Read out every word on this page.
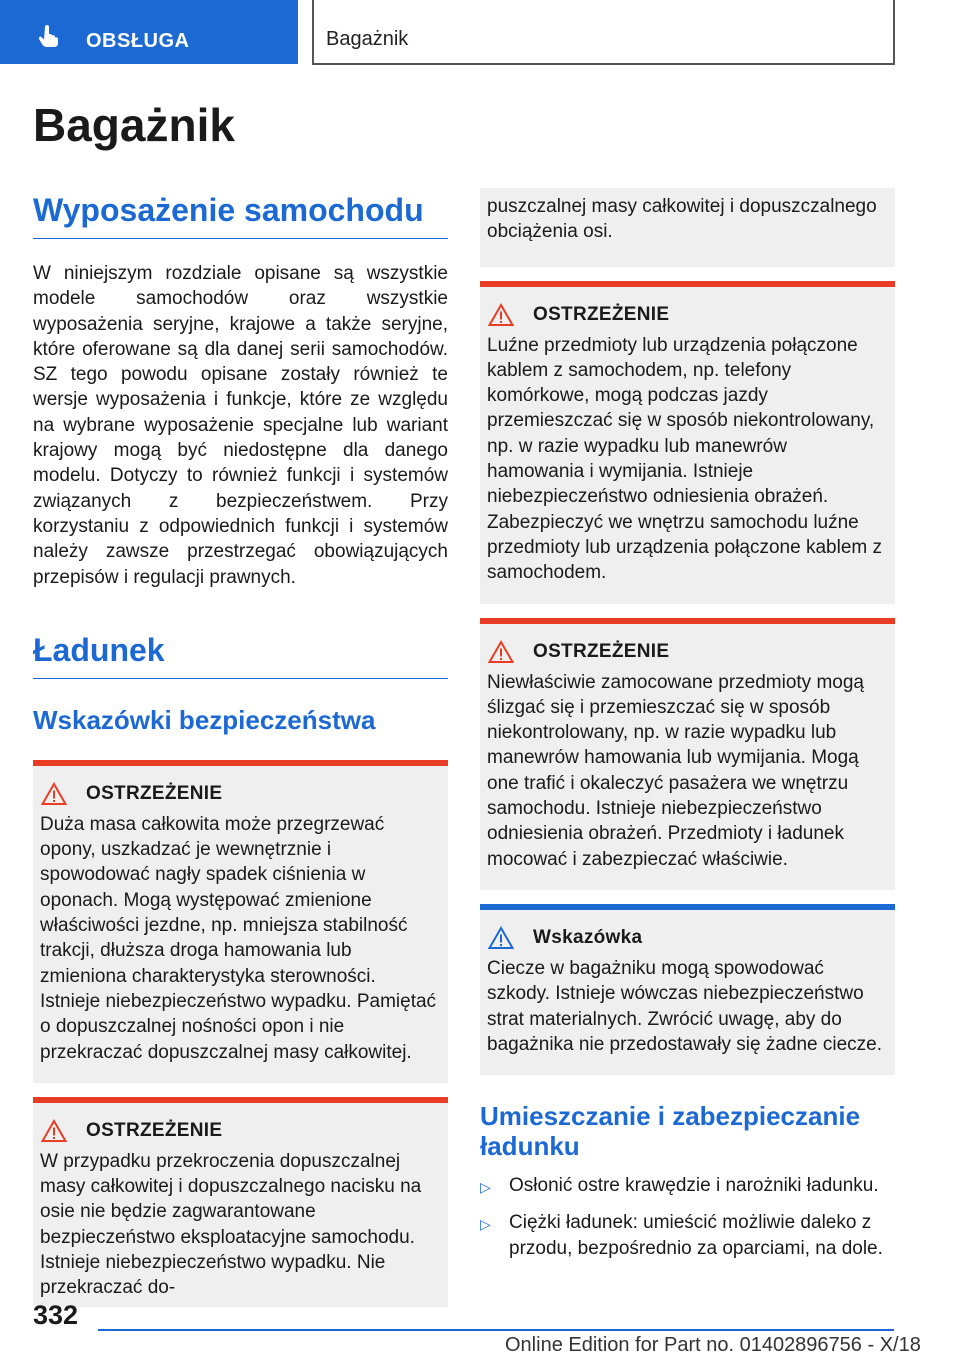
OBSŁUGA	Bagażnik
Bagażnik
Wyposażenie samochodu

W niniejszym rozdziale opisane są wszystkie modele samochodów oraz wszystkie wyposażenia seryjne, krajowe a także seryjne, które oferowane są dla danej serii samochodów. SZ tego powodu opisane zostały również te wersje wyposażenia i funkcje, które ze względu na wybrane wyposażenie specjalne lub wariant krajowy mogą być niedostępne dla danego modelu. Dotyczy to również funkcji i systemów związanych z bezpieczeństwem. Przy korzystaniu z odpowiednich funkcji i systemów należy zawsze przestrzegać obowiązujących przepisów i regulacji prawnych.

Ładunek
Wskazówki bezpieczeństwa
OSTRZEŻENIE

Duża masa całkowita może przegrzewać opony, uszkadzać je wewnętrznie i spowodować nagły spadek ciśnienia w oponach. Mogą występować zmienione właściwości jezdne, np. mniejsza stabilność trakcji, dłuższa droga hamowania lub zmieniona charakterystyka sterowności. Istnieje niebezpieczeństwo wypadku. Pamiętać o dopuszczalnej nośności opon i nie przekraczać dopuszczalnej masy całkowitej.

OSTRZEŻENIE

W przypadku przekroczenia dopuszczalnej masy całkowitej i dopuszczalnego nacisku na osie nie będzie zagwarantowane bezpieczeństwo eksploatacyjne samochodu. Istnieje niebezpieczeństwo wypadku. Nie przekraczać do-

puszczalnej masy całkowitej i dopuszczalnego obciążenia osi.

OSTRZEŻENIE

Luźne przedmioty lub urządzenia połączone kablem z samochodem, np. telefony komórkowe, mogą podczas jazdy przemieszczać się w sposób niekontrolowany, np. w razie wypadku lub manewrów hamowania i wymijania. Istnieje niebezpieczeństwo odniesienia obrażeń. Zabezpieczyć we wnętrzu samochodu luźne przedmioty lub urządzenia połączone kablem z samochodem.

OSTRZEŻENIE

Niewłaściwie zamocowane przedmioty mogą ślizgać się i przemieszczać się w sposób niekontrolowany, np. w razie wypadku lub manewrów hamowania lub wymijania. Mogą one trafić i okaleczyć pasażera we wnętrzu samochodu. Istnieje niebezpieczeństwo odniesienia obrażeń. Przedmioty i ładunek mocować i zabezpieczać właściwie.

Wskazówka

Ciecze w bagażniku mogą spowodować szkody. Istnieje wówczas niebezpieczeństwo strat materialnych. Zwrócić uwagę, aby do bagażnika nie przedostawały się żadne ciecze.

Umieszczanie i zabezpieczanie ładunku
▷ Osłonić ostre krawędzie i narożniki ładunku.
▷ Ciężki ładunek: umieścić możliwie daleko z przodu, bezpośrednio za oparciami, na dole.
332
Online Edition for Part no. 01402896756 - X/18
